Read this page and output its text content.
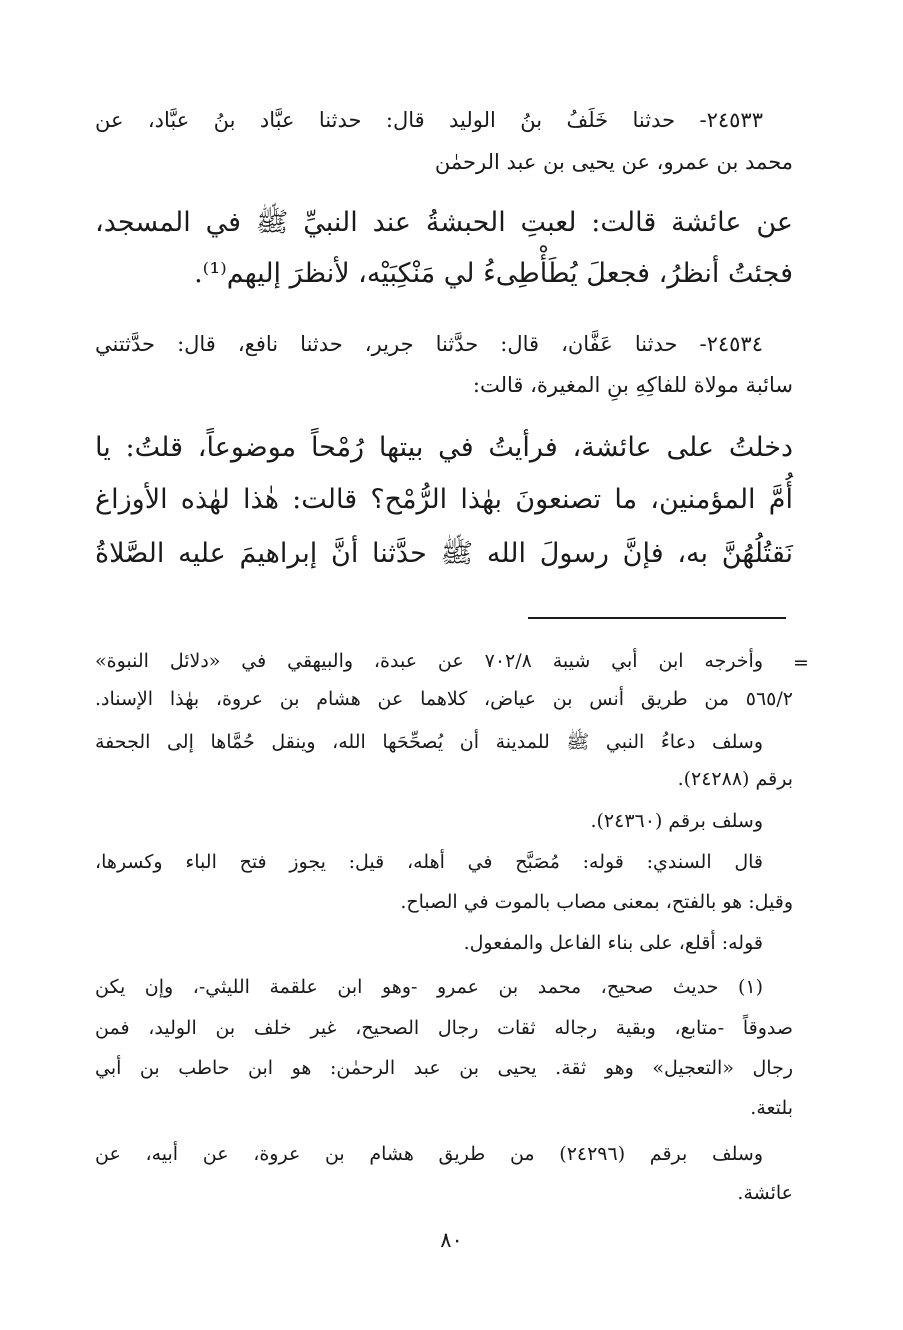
٢٤٥٣٣- حدثنا خَلَفُ بنُ الوليد قال: حدثنا عبَّاد بنُ عبَّاد، عن
محمد بن عمرو، عن يحيى بن عبد الرحمٰن
عن عائشة قالت: لعبتِ الحبشةُ عند النبيِّ ﷺ في المسجد،
فجئتُ أنظرُ، فجعلَ يُطَأْطِىءُ لي مَنْكِبَيْه، لأنظرَ إليهم⁽¹⁾.
٢٤٥٣٤- حدثنا عَفَّان، قال: حدَّثنا جرير، حدثنا نافع، قال: حدَّثتني
سائبة مولاة للفاكِهِ بنِ المغيرة، قالت:
دخلتُ على عائشة، فرأيتُ في بيتها رُمْحاً موضوعاً، قلتُ: يا
أُمَّ المؤمنين، ما تصنعونَ بهٰذا الرُّمْح؟ قالت: هٰذا لهٰذه الأوزاغ
نَقتُلُهُنَّ به، فإنَّ رسولَ الله ﷺ حدَّثنا أنَّ إبراهيمَ عليه الصَّلاةُ
=
وأخرجه ابن أبي شيبة ٧٠٢/٨ عن عبدة، والبيهقي في «دلائل النبوة»
٥٦٥/٢ من طريق أنس بن عياض، كلاهما عن هشام بن عروة، بهٰذا الإسناد.
وسلف دعاءُ النبي ﷺ للمدينة أن يُصحِّحَها الله، وينقل حُمَّاها إلى الجحفة
برقم (٢٤٢٨٨).
وسلف برقم (٢٤٣٦٠).
قال السندي: قوله: مُصَبَّح في أهله، قيل: يجوز فتح الباء وكسرها،
وقيل: هو بالفتح، بمعنى مصاب بالموت في الصباح.
قوله: أقلع، على بناء الفاعل والمفعول.
(١) حديث صحيح، محمد بن عمرو -وهو ابن علقمة الليثي-، وإن يكن
صدوقاً -متابع، وبقية رجاله ثقات رجال الصحيح، غير خلف بن الوليد، فمن
رجال «التعجيل» وهو ثقة. يحيى بن عبد الرحمٰن: هو ابن حاطب بن أبي
بلتعة.
وسلف برقم (٢٤٢٩٦) من طريق هشام بن عروة، عن أبيه، عن
عائشة.
٨٠
